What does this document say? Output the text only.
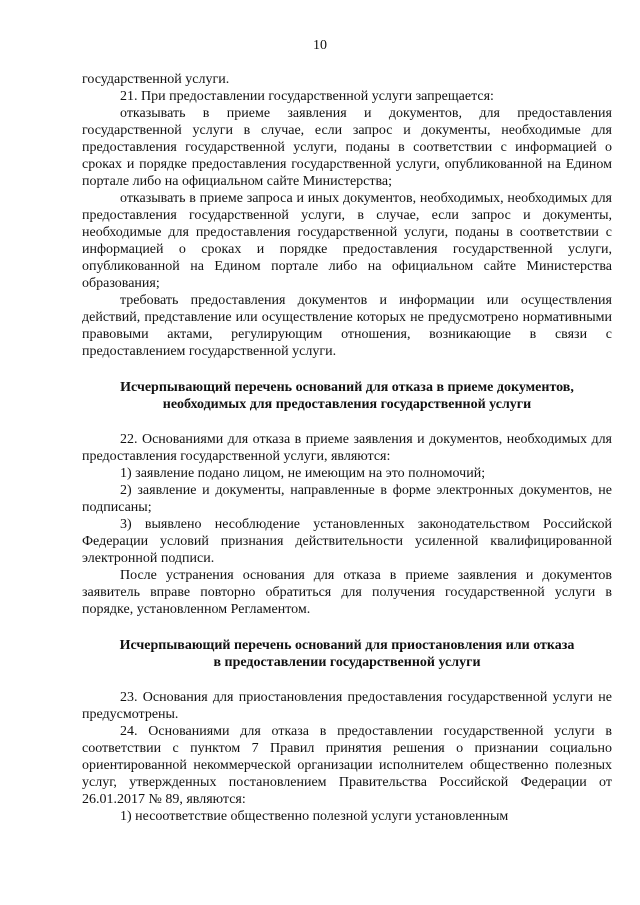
10

государственной услуги.

21. При предоставлении государственной услуги запрещается:

отказывать в приеме заявления и документов, для предоставления государственной услуги в случае, если запрос и документы, необходимые для предоставления государственной услуги, поданы в соответствии с информацией о сроках и порядке предоставления государственной услуги, опубликованной на Едином портале либо на официальном сайте Министерства;

отказывать в приеме запроса и иных документов, необходимых, необходимых для предоставления государственной услуги, в случае, если запрос и документы, необходимые для предоставления государственной услуги, поданы в соответствии с информацией о сроках и порядке предоставления государственной услуги, опубликованной на Едином портале либо на официальном сайте Министерства образования;

требовать предоставления документов и информации или осуществления действий, представление или осуществление которых не предусмотрено нормативными правовыми актами, регулирующим отношения, возникающие в связи с предоставлением государственной услуги.

Исчерпывающий перечень оснований для отказа в приеме документов,
необходимых для предоставления государственной услуги

22. Основаниями для отказа в приеме заявления и документов, необходимых для предоставления государственной услуги, являются:

1) заявление подано лицом, не имеющим на это полномочий;

2) заявление и документы, направленные в форме электронных документов, не подписаны;

3) выявлено несоблюдение установленных законодательством Российской Федерации условий признания действительности усиленной квалифицированной электронной подписи.

После устранения основания для отказа в приеме заявления и документов заявитель вправе повторно обратиться для получения государственной услуги в порядке, установленном Регламентом.

Исчерпывающий перечень оснований для приостановления или отказа
в предоставлении государственной услуги

23. Основания для приостановления предоставления государственной услуги не предусмотрены.

24. Основаниями для отказа в предоставлении государственной услуги в соответствии с пунктом 7 Правил принятия решения о признании социально ориентированной некоммерческой организации исполнителем общественно полезных услуг, утвержденных постановлением Правительства Российской Федерации от 26.01.2017 № 89, являются:

1) несоответствие общественно полезной услуги установленным
